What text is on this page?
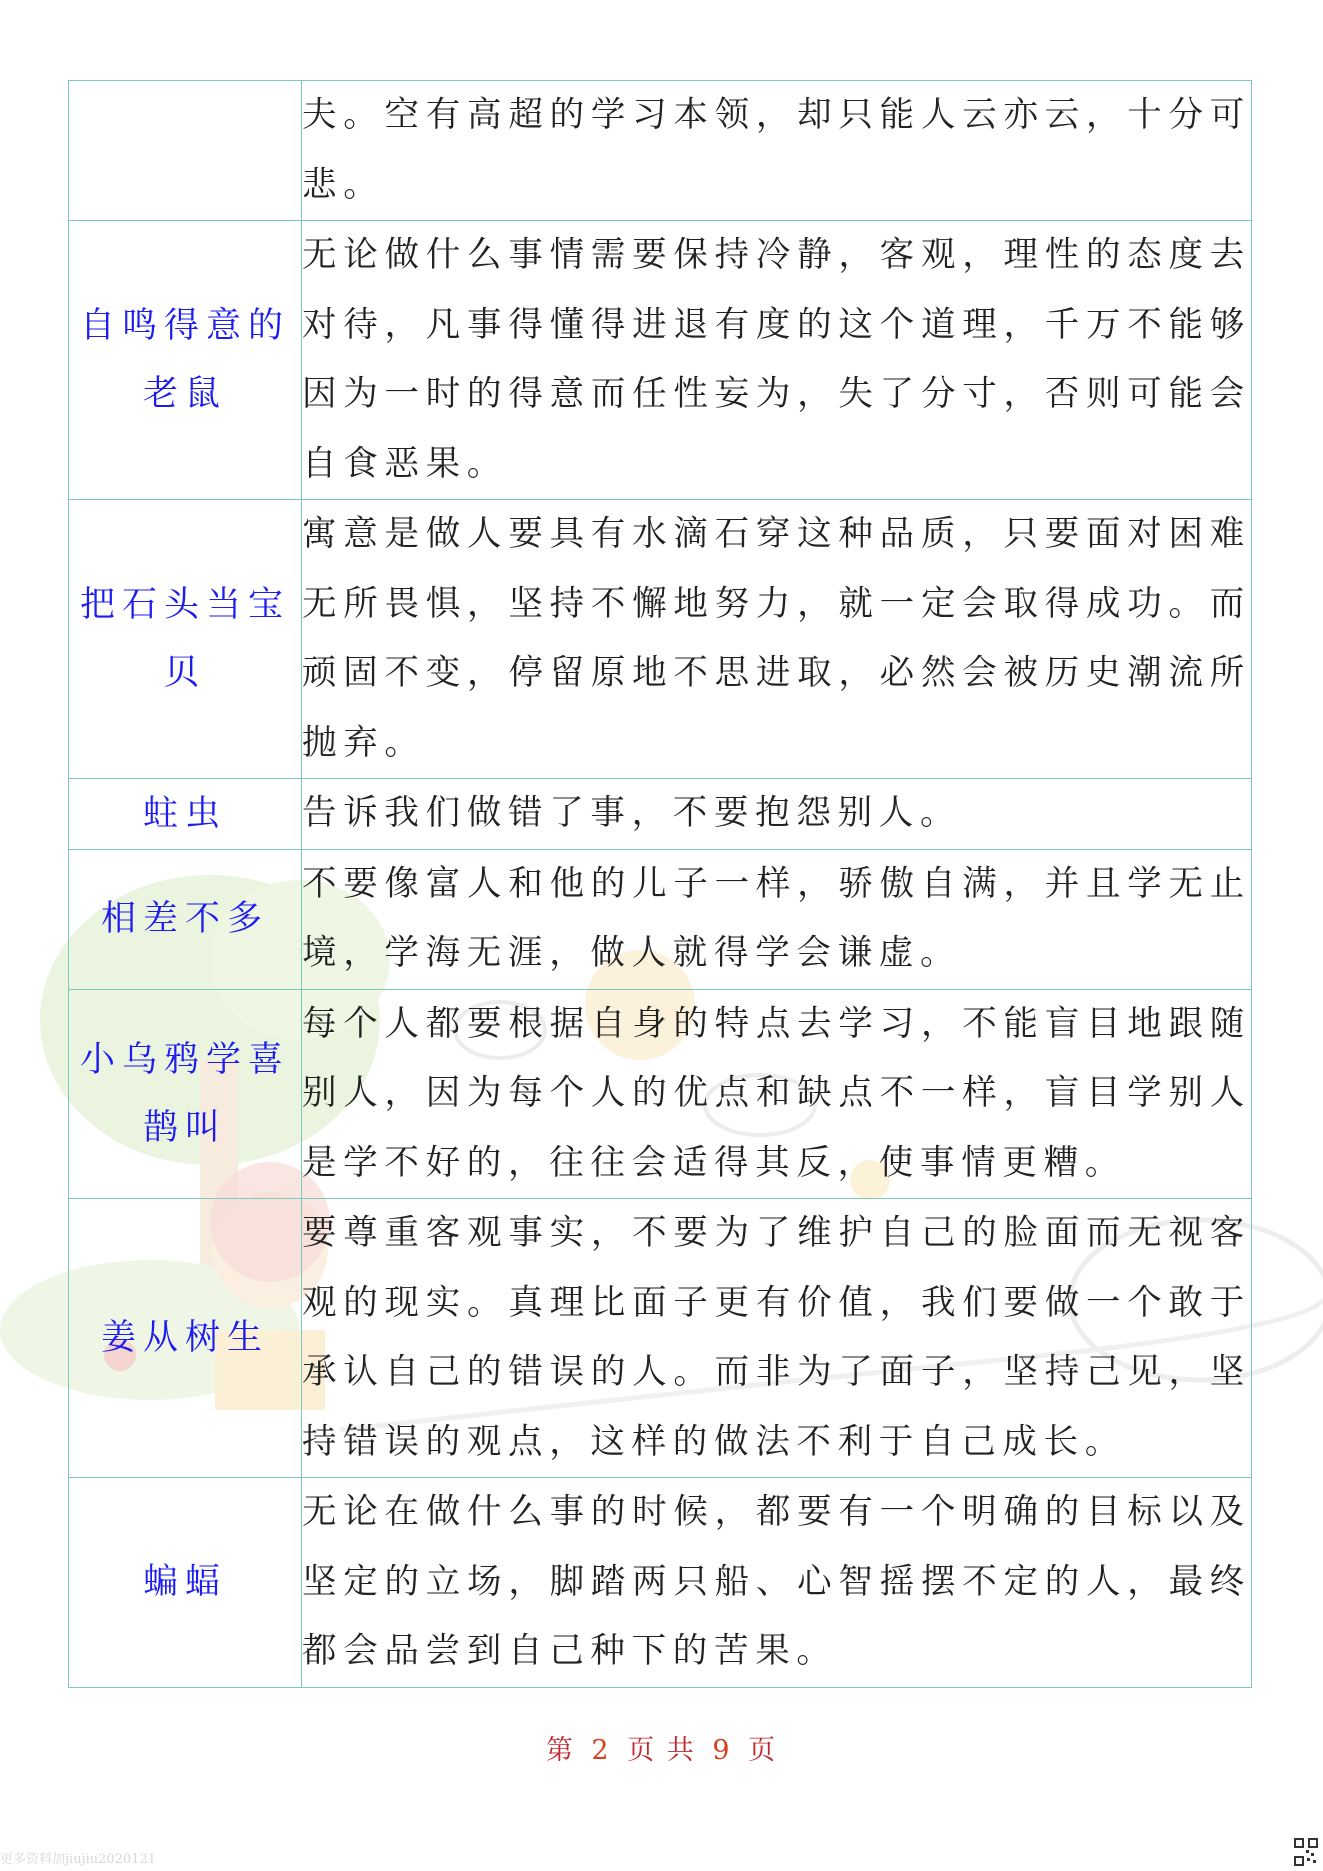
	夫。空有高超的学习本领，却只能人云亦云，十分可悲。
自鸣得意的老鼠	无论做什么事情需要保持冷静，客观，理性的态度去对待，凡事得懂得进退有度的这个道理，千万不能够因为一时的得意而任性妄为，失了分寸，否则可能会自食恶果。
把石头当宝贝	寓意是做人要具有水滴石穿这种品质，只要面对困难无所畏惧，坚持不懈地努力，就一定会取得成功。而顽固不变，停留原地不思进取，必然会被历史潮流所抛弃。
蛀虫	告诉我们做错了事，不要抱怨别人。
相差不多	不要像富人和他的儿子一样，骄傲自满，并且学无止境，学海无涯，做人就得学会谦虚。
小乌鸦学喜鹊叫	每个人都要根据自身的特点去学习，不能盲目地跟随别人，因为每个人的优点和缺点不一样，盲目学别人是学不好的，往往会适得其反，使事情更糟。
姜从树生	要尊重客观事实，不要为了维护自己的脸面而无视客观的现实。真理比面子更有价值，我们要做一个敢于承认自己的错误的人。而非为了面子，坚持己见，坚持错误的观点，这样的做法不利于自己成长。
蝙蝠	无论在做什么事的时候，都要有一个明确的目标以及坚定的立场，脚踏两只船、心智摇摆不定的人，最终都会品尝到自己种下的苦果。
第 2 页 共 9 页
更多资料加jiujiu2020121
